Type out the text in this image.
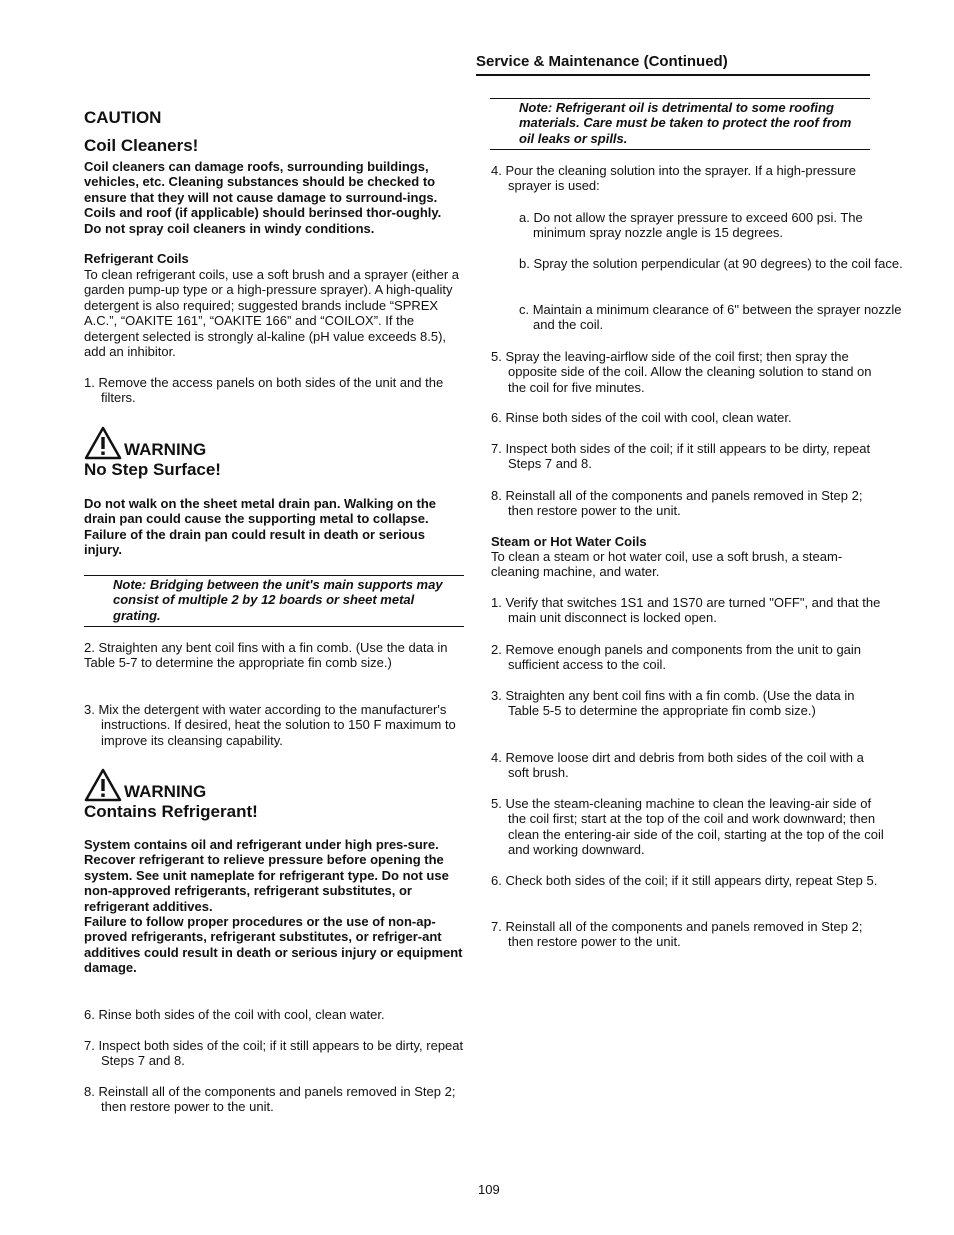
Service & Maintenance (Continued)
CAUTION
Coil Cleaners!

Coil cleaners can damage roofs, surrounding buildings, vehicles, etc. Cleaning substances should be checked to ensure that they will not cause damage to surround-ings. Coils and roof (if applicable) should berinsed thor-oughly. Do not spray coil cleaners in windy conditions.

Refrigerant Coils

To clean refrigerant coils, use a soft brush and a sprayer (either a garden pump-up type or a high-pressure sprayer). A high-quality detergent is also required; suggested brands include “SPREX A.C.”, “OAKITE 161”, “OAKITE 166” and “COILOX”. If the detergent selected is strongly al-kaline (pH value exceeds 8.5), add an inhibitor.

1. Remove the access panels on both sides of the unit and the filters.

WARNING
No Step Surface!

Do not walk on the sheet metal drain pan. Walking on the drain pan could cause the supporting metal to collapse. Failure of the drain pan could result in death or serious injury.

Note: Bridging between the unit's main supports may consist of multiple 2 by 12 boards or sheet metal grating.

2. Straighten any bent coil fins with a fin comb. (Use the data in Table 5-7 to determine the appropriate fin comb size.)

3. Mix the detergent with water according to the manufacturer's instructions. If desired, heat the solution to 150 F maximum to improve its cleansing capability.

WARNING
Contains Refrigerant!

System contains oil and refrigerant under high pres-sure. Recover refrigerant to relieve pressure before opening the system. See unit nameplate for refrigerant type. Do not use non-approved refrigerants, refrigerant substitutes, or refrigerant additives.

Failure to follow proper procedures or the use of non-ap-proved refrigerants, refrigerant substitutes, or refriger-ant additives could result in death or serious injury or equipment damage.

6. Rinse both sides of the coil with cool, clean water.

7. Inspect both sides of the coil; if it still appears to be dirty, repeat Steps 7 and 8.

8. Reinstall all of the components and panels removed in Step 2; then restore power to the unit.

Note: Refrigerant oil is detrimental to some roofing materials. Care must be taken to protect the roof from oil leaks or spills.

4. Pour the cleaning solution into the sprayer. If a high-pressure sprayer is used:

a. Do not allow the sprayer pressure to exceed 600 psi. The minimum spray nozzle angle is 15 degrees.

b. Spray the solution perpendicular (at 90 degrees) to the coil face.

c. Maintain a minimum clearance of 6" between the sprayer nozzle and the coil.

5. Spray the leaving-airflow side of the coil first; then spray the opposite side of the coil. Allow the cleaning solution to stand on the coil for five minutes.

6. Rinse both sides of the coil with cool, clean water.

7. Inspect both sides of the coil; if it still appears to be dirty, repeat Steps 7 and 8.

8. Reinstall all of the components and panels removed in Step 2; then restore power to the unit.

Steam or Hot Water Coils

To clean a steam or hot water coil, use a soft brush, a steam-cleaning machine, and water.

1. Verify that switches 1S1 and 1S70 are turned "OFF", and that the main unit disconnect is locked open.

2. Remove enough panels and components from the unit to gain sufficient access to the coil.

3. Straighten any bent coil fins with a fin comb. (Use the data in Table 5-5 to determine the appropriate fin comb size.)

4. Remove loose dirt and debris from both sides of the coil with a soft brush.

5. Use the steam-cleaning machine to clean the leaving-air side of the coil first; start at the top of the coil and work downward; then clean the entering-air side of the coil, starting at the top of the coil and working downward.

6. Check both sides of the coil; if it still appears dirty, repeat Step 5.

7. Reinstall all of the components and panels removed in Step 2; then restore power to the unit.

109
